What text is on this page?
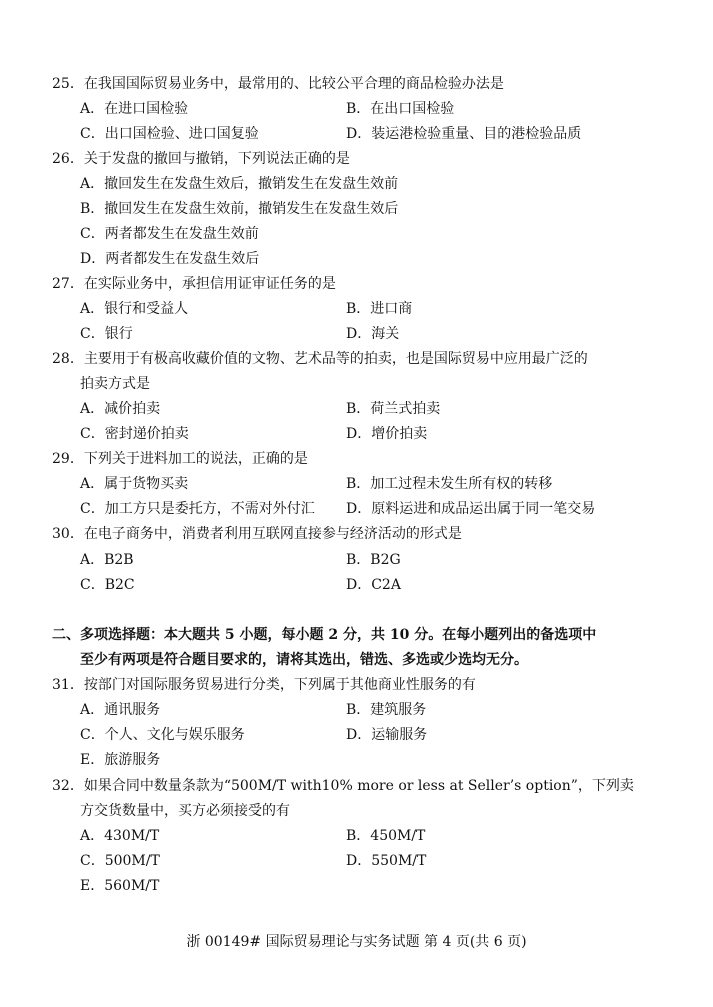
25．在我国国际贸易业务中，最常用的、比较公平合理的商品检验办法是
A．在进口国检验	B．在出口国检验
C．出口国检验、进口国复验	D．装运港检验重量、目的港检验品质
26．关于发盘的撤回与撤销，下列说法正确的是
A．撤回发生在发盘生效后，撤销发生在发盘生效前
B．撤回发生在发盘生效前，撤销发生在发盘生效后
C．两者都发生在发盘生效前
D．两者都发生在发盘生效后
27．在实际业务中，承担信用证审证任务的是
A．银行和受益人	B．进口商
C．银行	D．海关
28．主要用于有极高收藏价值的文物、艺术品等的拍卖，也是国际贸易中应用最广泛的
拍卖方式是
A．减价拍卖	B．荷兰式拍卖
C．密封递价拍卖	D．增价拍卖
29．下列关于进料加工的说法，正确的是
A．属于货物买卖	B．加工过程未发生所有权的转移
C．加工方只是委托方，不需对外付汇 D．原料运进和成品运出属于同一笔交易
30．在电子商务中，消费者利用互联网直接参与经济活动的形式是
A．B2B	B．B2G
C．B2C	D．C2A
二、多项选择题：本大题共 5 小题，每小题 2 分，共 10 分。在每小题列出的备选项中
至少有两项是符合题目要求的，请将其选出，错选、多选或少选均无分。
31．按部门对国际服务贸易进行分类，下列属于其他商业性服务的有
A．通讯服务	B．建筑服务
C．个人、文化与娱乐服务	D．运输服务
E．旅游服务
32．如果合同中数量条款为“500M/T with10% more or less at Seller’s option”，下列卖
方交货数量中，买方必须接受的有
A．430M/T	B．450M/T
C．500M/T	D．550M/T
E．560M/T
浙 00149# 国际贸易理论与实务试题 第 4 页(共 6 页)
